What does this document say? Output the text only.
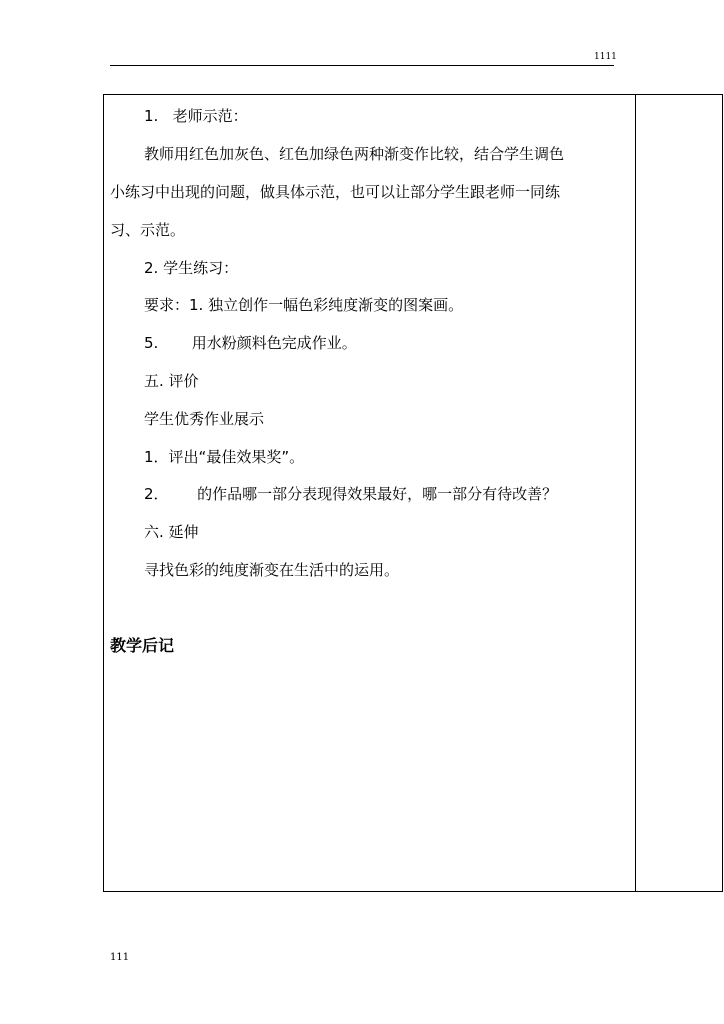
1111
1.   老师示范：
教师用红色加灰色、红色加绿色两种渐变作比较，结合学生调色
小练习中出现的问题，做具体示范，也可以让部分学生跟老师一同练
习、示范。
2. 学生练习：
要求：1. 独立创作一幅色彩纯度渐变的图案画。
5.       用水粉颜料色完成作业。
五. 评价
学生优秀作业展示
1．评出“最佳效果奖”。
2．      的作品哪一部分表现得效果最好，哪一部分有待改善？
六. 延伸
寻找色彩的纯度渐变在生活中的运用。
教学后记
111
